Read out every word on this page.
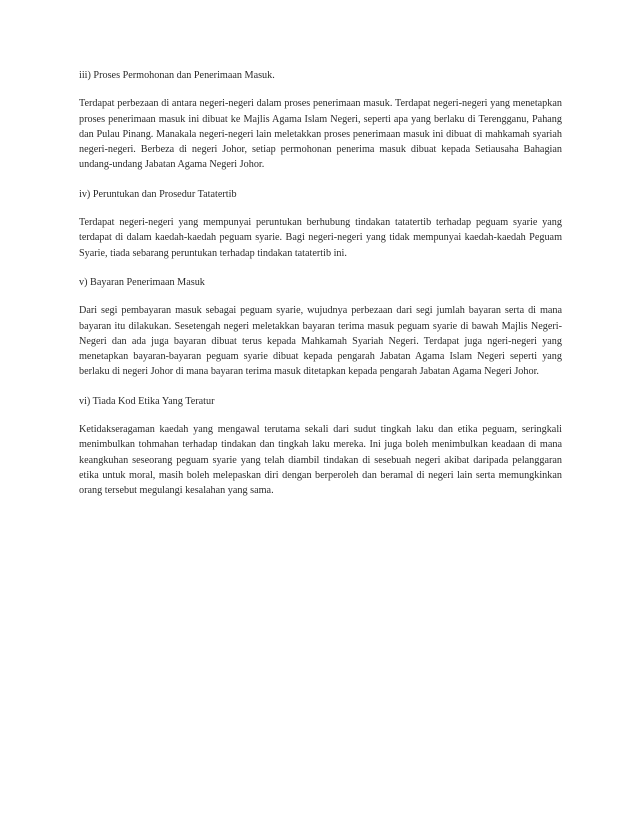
iii) Proses Permohonan dan Penerimaan Masuk.

Terdapat perbezaan di antara negeri-negeri dalam proses penerimaan masuk. Terdapat negeri-negeri yang menetapkan proses penerimaan masuk ini dibuat ke Majlis Agama Islam Negeri, seperti apa yang berlaku di Terengganu, Pahang dan Pulau Pinang. Manakala negeri-negeri lain meletakkan proses penerimaan masuk ini dibuat di mahkamah syariah negeri-negeri. Berbeza di negeri Johor, setiap permohonan penerima masuk dibuat kepada Setiausaha Bahagian undang-undang Jabatan Agama Negeri Johor.

iv) Peruntukan dan Prosedur Tatatertib

Terdapat negeri-negeri yang mempunyai peruntukan berhubung tindakan tatatertib terhadap peguam syarie yang terdapat di dalam kaedah-kaedah peguam syarie. Bagi negeri-negeri yang tidak mempunyai kaedah-kaedah Peguam Syarie, tiada sebarang peruntukan terhadap tindakan tatatertib ini.

v) Bayaran Penerimaan Masuk

Dari segi pembayaran masuk sebagai peguam syarie, wujudnya perbezaan dari segi jumlah bayaran serta di mana bayaran itu dilakukan. Sesetengah negeri meletakkan bayaran terima masuk peguam syarie di bawah Majlis Negeri-Negeri dan ada juga bayaran dibuat terus kepada Mahkamah Syariah Negeri. Terdapat juga ngeri-negeri yang menetapkan bayaran-bayaran peguam syarie dibuat kepada pengarah Jabatan Agama Islam Negeri seperti yang berlaku di negeri Johor di mana bayaran terima masuk ditetapkan kepada pengarah Jabatan Agama Negeri Johor.

vi) Tiada Kod Etika Yang Teratur

Ketidakseragaman kaedah yang mengawal terutama sekali dari sudut tingkah laku dan etika peguam, seringkali menimbulkan tohmahan terhadap tindakan dan tingkah laku mereka. Ini juga boleh menimbulkan keadaan di mana keangkuhan seseorang peguam syarie yang telah diambil tindakan di sesebuah negeri akibat daripada pelanggaran etika untuk moral, masih boleh melepaskan diri dengan berperoleh dan beramal di negeri lain serta memungkinkan orang tersebut megulangi kesalahan yang sama.
